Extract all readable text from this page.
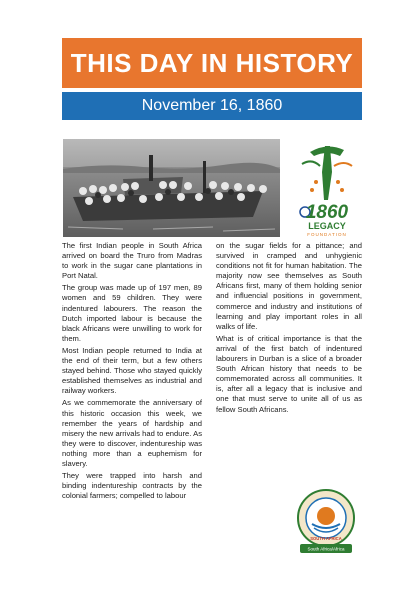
THIS DAY IN HISTORY
November 16, 1860
1860
LEGACY
FOUNDATION

The first Indian people in South Africa arrived on board the Truro from Madras to work in the sugar cane plantations in Port Natal.

The group was made up of 197 men, 89 women and 59 children. They were indentured labourers. The reason the Dutch imported labour is because the black Africans were unwilling to work for them.

Most Indian people returned to India at the end of their term, but a few others stayed behind. Those who stayed quickly established themselves as industrial and railway workers.

As we commemorate the anniversary of this historic occasion this week, we remember the years of hardship and misery the new arrivals had to endure. As they were to discover, indentureship was nothing more than a euphemism for slavery.

They were trapped into harsh and binding indentureship contracts by the colonial farmers; compelled to labour

on the sugar fields for a pittance; and survived in cramped and unhygienic conditions not fit for human habitation. The majority now see themselves as South Africans first, many of them holding senior and influencial positions in government, commerce and industry and institutions of learning and play important roles in all walks of life.

What is of critical importance is that the arrival of the first batch of indentured labourers in Durban is a slice of a broader South African history that needs to be commemorated across all communities. It is, after all a legacy that is inclusive and one that must serve to unite all of us as fellow South Africans.

SOUTH AFRICA
South Africa/Africa
